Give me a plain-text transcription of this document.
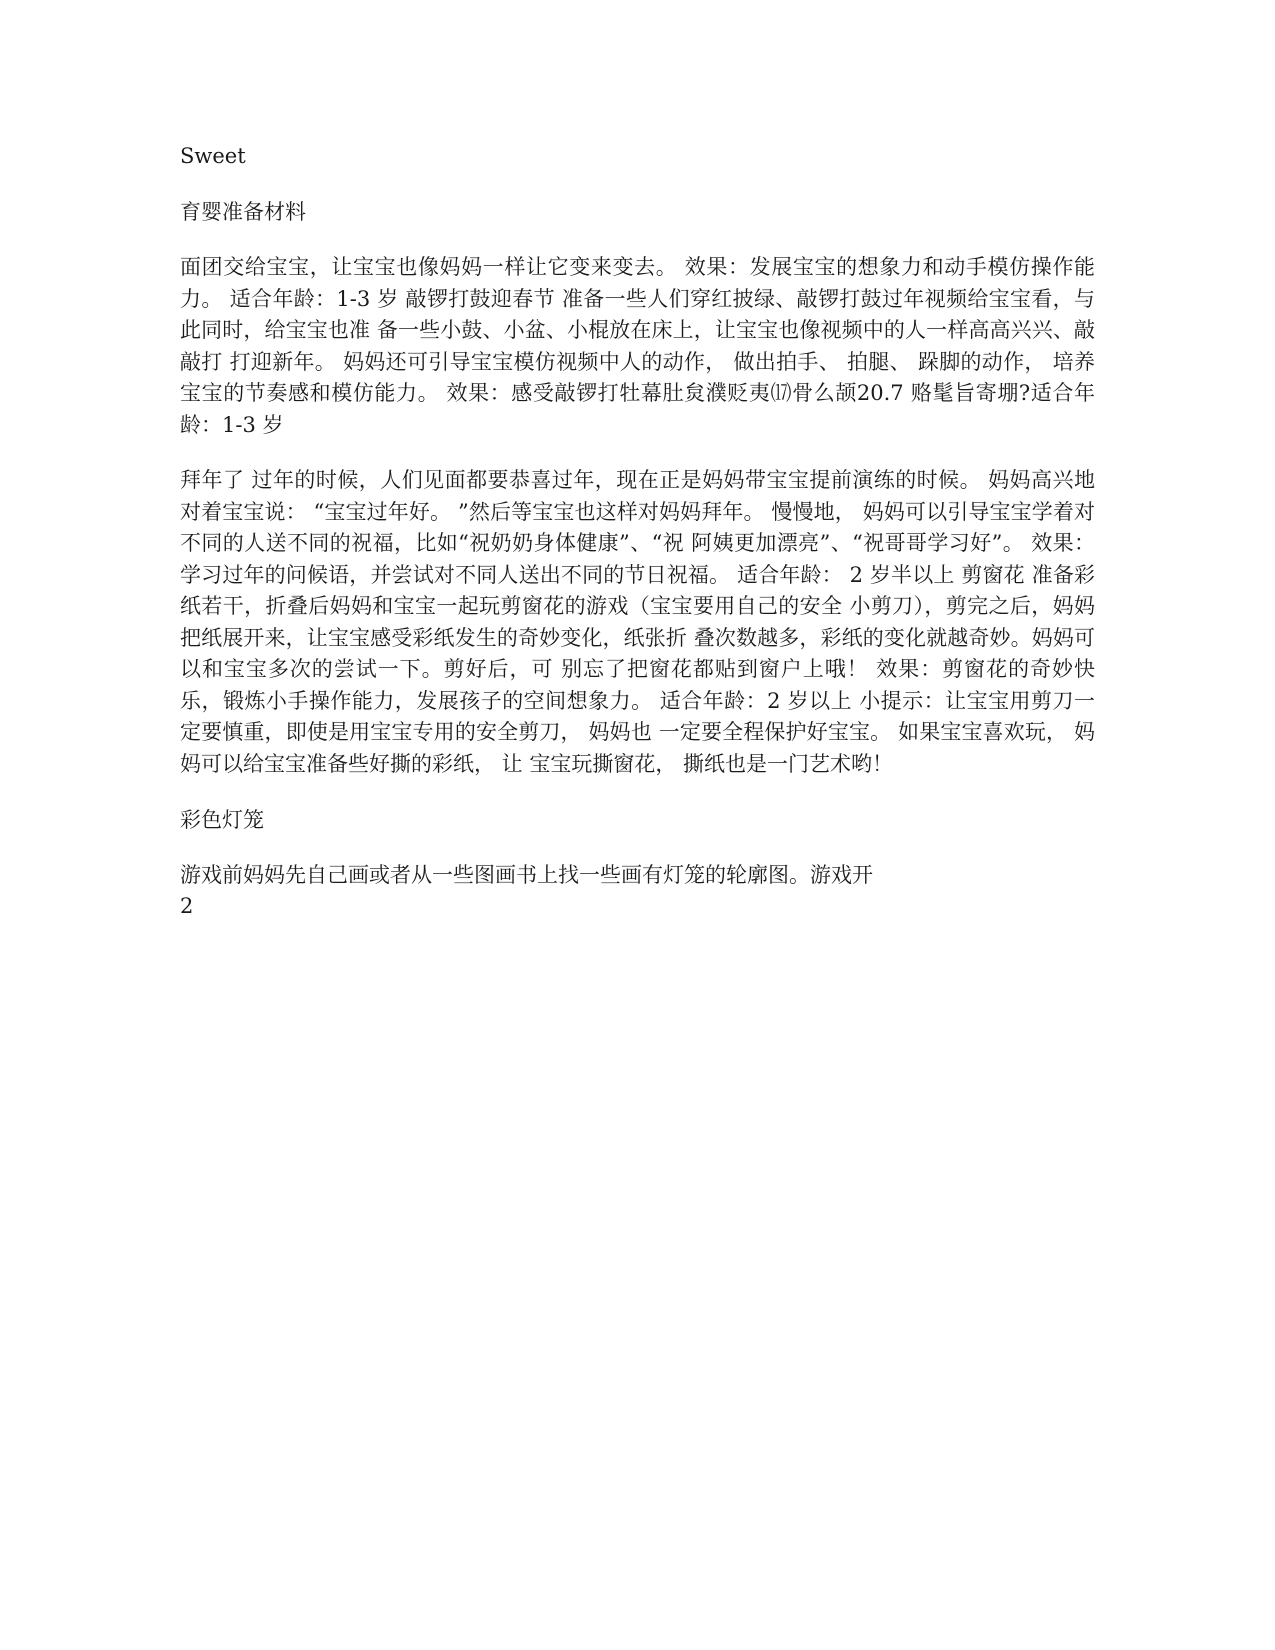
Sweet

育婴准备材料

面团交给宝宝，让宝宝也像妈妈一样让它变来变去。 效果：发展宝宝的想象力和动手模仿操作能力。 适合年龄：1-3 岁 敲锣打鼓迎春节 准备一些人们穿红披绿、敲锣打鼓过年视频给宝宝看，与此同时，给宝宝也准 备一些小鼓、小盆、小棍放在床上，让宝宝也像视频中的人一样高高兴兴、敲敲打 打迎新年。 妈妈还可引导宝宝模仿视频中人的动作， 做出拍手、 拍腿、 跺脚的动作， 培养宝宝的节奏感和模仿能力。 效果：感受敲锣打牡幕肚炱濮贬夷⒄骨么颉20.7 赂髦旨寄堋?适合年龄：1-3 岁

拜年了 过年的时候，人们见面都要恭喜过年，现在正是妈妈带宝宝提前演练的时候。 妈妈高兴地对着宝宝说： “宝宝过年好。 ”然后等宝宝也这样对妈妈拜年。 慢慢地， 妈妈可以引导宝宝学着对不同的人送不同的祝福，比如“祝奶奶身体健康”、“祝 阿姨更加漂亮”、“祝哥哥学习好”。 效果：学习过年的问候语，并尝试对不同人送出不同的节日祝福。 适合年龄： 2 岁半以上 剪窗花 准备彩纸若干，折叠后妈妈和宝宝一起玩剪窗花的游戏（宝宝要用自己的安全 小剪刀），剪完之后，妈妈把纸展开来，让宝宝感受彩纸发生的奇妙变化，纸张折 叠次数越多，彩纸的变化就越奇妙。妈妈可以和宝宝多次的尝试一下。剪好后，可 别忘了把窗花都贴到窗户上哦！ 效果：剪窗花的奇妙快乐，锻炼小手操作能力，发展孩子的空间想象力。 适合年龄：2 岁以上 小提示：让宝宝用剪刀一定要慎重，即使是用宝宝专用的安全剪刀， 妈妈也 一定要全程保护好宝宝。 如果宝宝喜欢玩， 妈妈可以给宝宝准备些好撕的彩纸， 让 宝宝玩撕窗花， 撕纸也是一门艺术哟！

彩色灯笼

游戏前妈妈先自己画或者从一些图画书上找一些画有灯笼的轮廓图。游戏开

2
